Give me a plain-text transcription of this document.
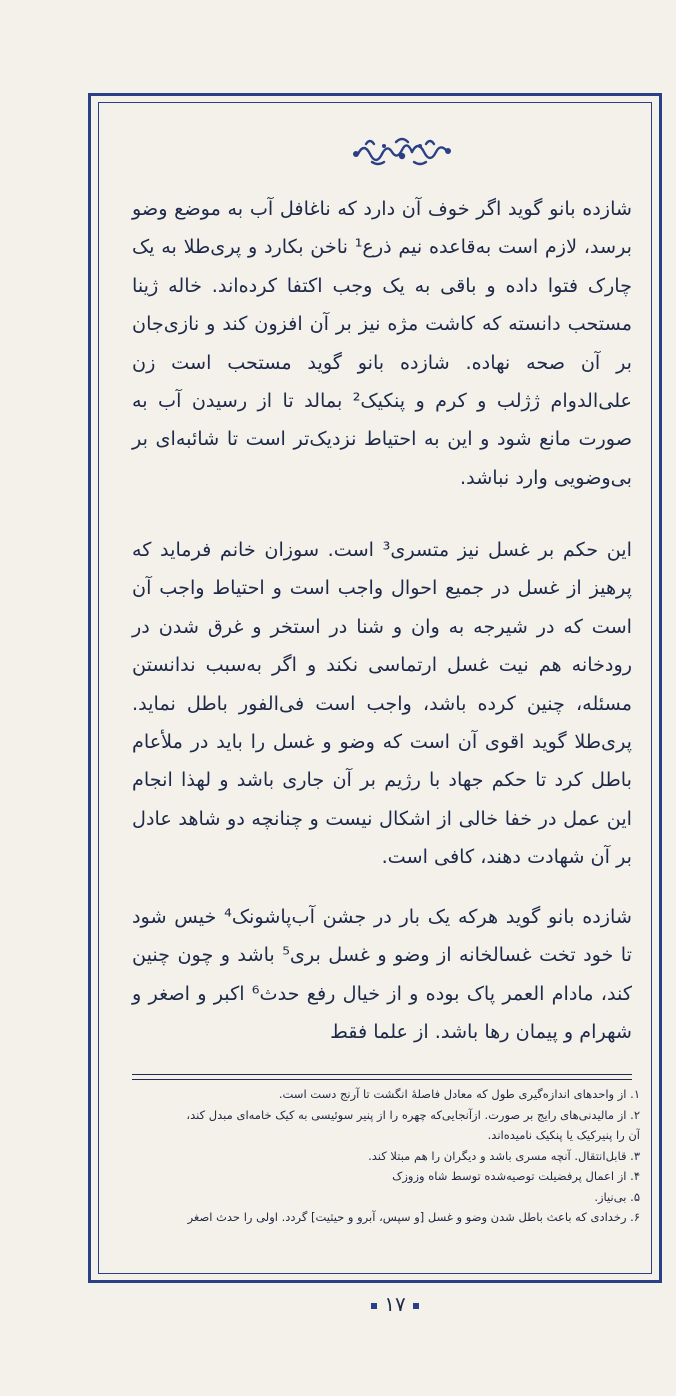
شازده بانو گوید اگر خوف آن دارد که ناغافل آب به موضع وضو برسد، لازم است به‌قاعده نیم ذرع¹ ناخن بکارد و پری‌طلا به یک چارک فتوا داده و باقی به یک وجب اکتفا کرده‌اند. خاله ژینا مستحب دانسته که کاشت مژه نیز بر آن افزون کند و نازی‌جان بر آن صحه نهاده. شازده بانو گوید مستحب است زن علی‌الدوام ژژلب و کرم و پنکیک² بمالد تا از رسیدن آب به صورت مانع شود و این به احتیاط نزدیک‌تر است تا شائبه‌ای بر بی‌وضویی وارد نباشد.

این حکم بر غسل نیز متسری³ است. سوزان خانم فرماید که پرهیز از غسل در جمیع احوال واجب است و احتیاط واجب آن است که در شیرجه به وان و شنا در استخر و غرق شدن در رودخانه هم نیت غسل ارتماسی نکند و اگر به‌سبب ندانستن مسئله، چنین کرده باشد، واجب است فی‌الفور باطل نماید. پری‌طلا گوید اقوی آن است که وضو و غسل را باید در ملأعام باطل کرد تا حکم جهاد با رژیم بر آن جاری باشد و لهذا انجام این عمل در خفا خالی از اشکال نیست و چنانچه دو شاهد عادل بر آن شهادت دهند، کافی است.

شازده بانو گوید هرکه یک بار در جشن آب‌پاشونک⁴ خیس شود تا خود تخت غسالخانه از وضو و غسل بری⁵ باشد و چون چنین کند، مادام العمر پاک بوده و از خیال رفع حدث⁶ اکبر و اصغر و شهرام و پیمان رها باشد. از علما فقط

۱. از واحدهای اندازه‌گیری طول که معادل فاصلهٔ انگشت تا آرنج دست است.
۲. از مالیدنی‌های رایج بر صورت. ازآنجایی‌که چهره را از پنیر سوئیسی به کیک خامه‌ای مبدل کند،
آن را پنیرکیک یا پنکیک نامیده‌اند.
۳. قابل‌انتقال. آنچه مسری باشد و دیگران را هم مبتلا کند.
۴. از اعمال پرفضیلت توصیه‌شده توسط شاه وزوزک
۵. بی‌نیاز.
۶. رخدادی که باعث باطل شدن وضو و غسل [و سپس، آبرو و حیثیت] گردد. اولی را حدث اصغر
۱۷
